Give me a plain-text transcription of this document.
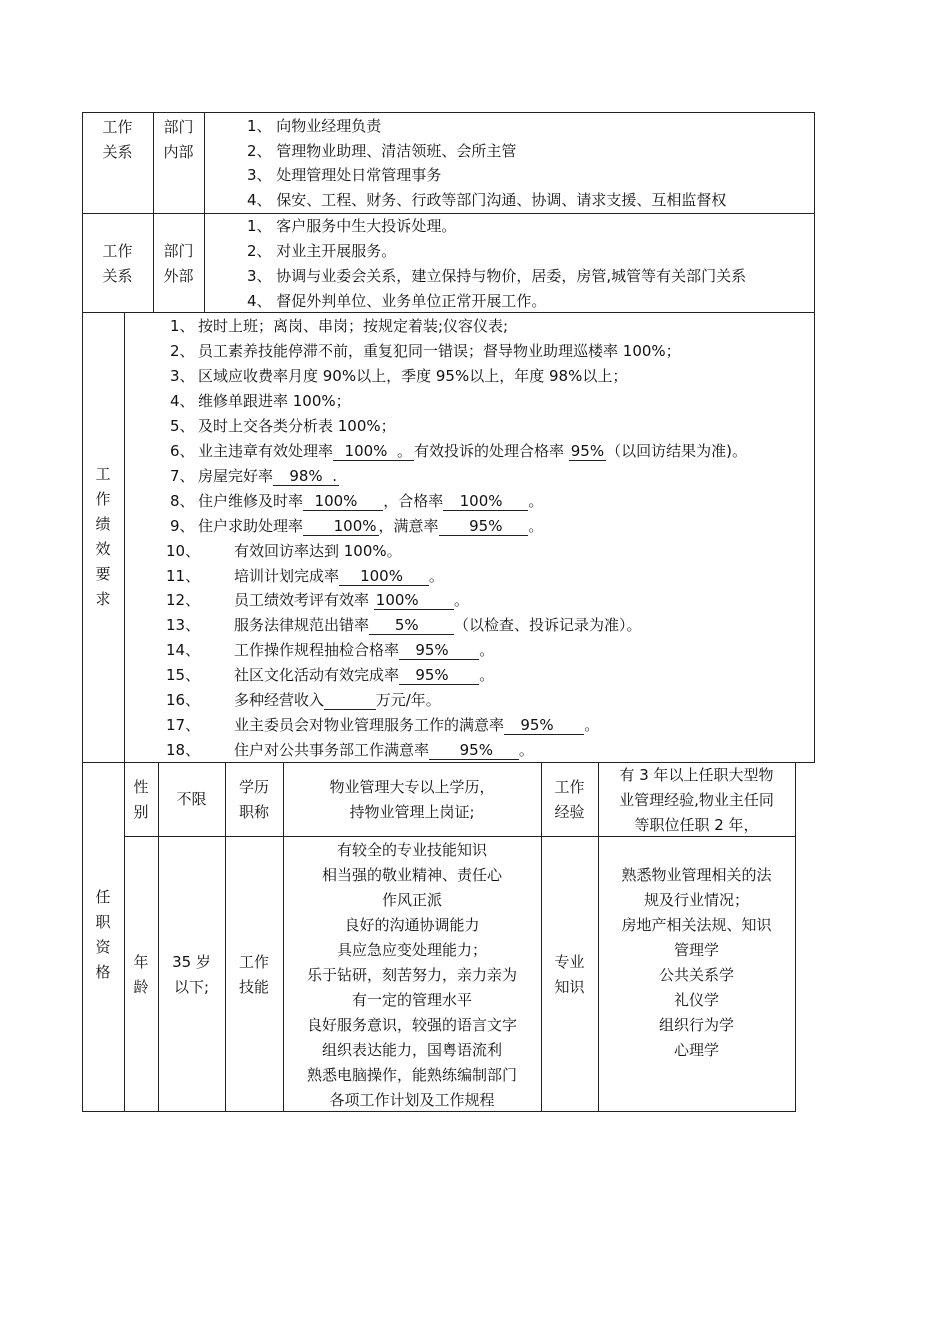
工作
关系
部门
内部
1、 向物业经理负责
2、 管理物业助理、清洁领班、会所主管
3、 处理管理处日常管理事务
4、 保安、工程、财务、行政等部门沟通、协调、请求支援、互相监督权
工作
关系
部门
外部
1、 客户服务中生大投诉处理。
2、 对业主开展服务。
3、 协调与业委会关系，建立保持与物价，居委，房管,城管等有关部门关系
4、 督促外判单位、业务单位正常开展工作。
工
作
绩
效
要
求
1、 按时上班；离岗、串岗；按规定着装;仪容仪表;
2、 员工素养技能停滞不前，重复犯同一错误；督导物业助理巡楼率 100%；
3、 区域应收费率月度 90%以上，季度 95%以上，年度 98%以上；
4、 维修单跟进率 100%；
5、 及时上交各类分析表 100%；
6、 业主违章有效处理率  100%  。 有效投诉的处理合格率 95% （以回访结果为准)。
7、 房屋完好率   98%  .
8、 住户维修及时率  100%     ，合格率   100%     。
9、 住户求助处理率      100% ，满意率      95%     。
10、 有效回访率达到 100%。
11、 培训计划完成率    100%     。
12、 员工绩效考评有效率 100%       。
13、 服务法律规范出错率     5%       （以检查、投诉记录为准）。
14、 工作操作规程抽检合格率   95%      。
15、 社区文化活动有效完成率   95%      。
16、 多种经营收入	万元/年。
17、 业主委员会对物业管理服务工作的满意率   95%      。
18、 住户对公共事务部工作满意率      95%     。
任
职
资
格
性
别
不限
学历
职称
物业管理大专以上学历，
持物业管理上岗证;
工作
经验
有 3 年以上任职大型物
业管理经验,物业主任同
等职位任职 2 年，
年
龄
35 岁
以下;
工作
技能
有较全的专业技能知识
相当强的敬业精神、责任心
作风正派
良好的沟通协调能力
具应急应变处理能力；
乐于钻研，刻苦努力，亲力亲为
有一定的管理水平
良好服务意识，较强的语言文字
组织表达能力，国粤语流利
熟悉电脑操作，能熟练编制部门
各项工作计划及工作规程
专业
知识
熟悉物业管理相关的法
规及行业情况；
房地产相关法规、知识
管理学
公共关系学
礼仪学
组织行为学
心理学
